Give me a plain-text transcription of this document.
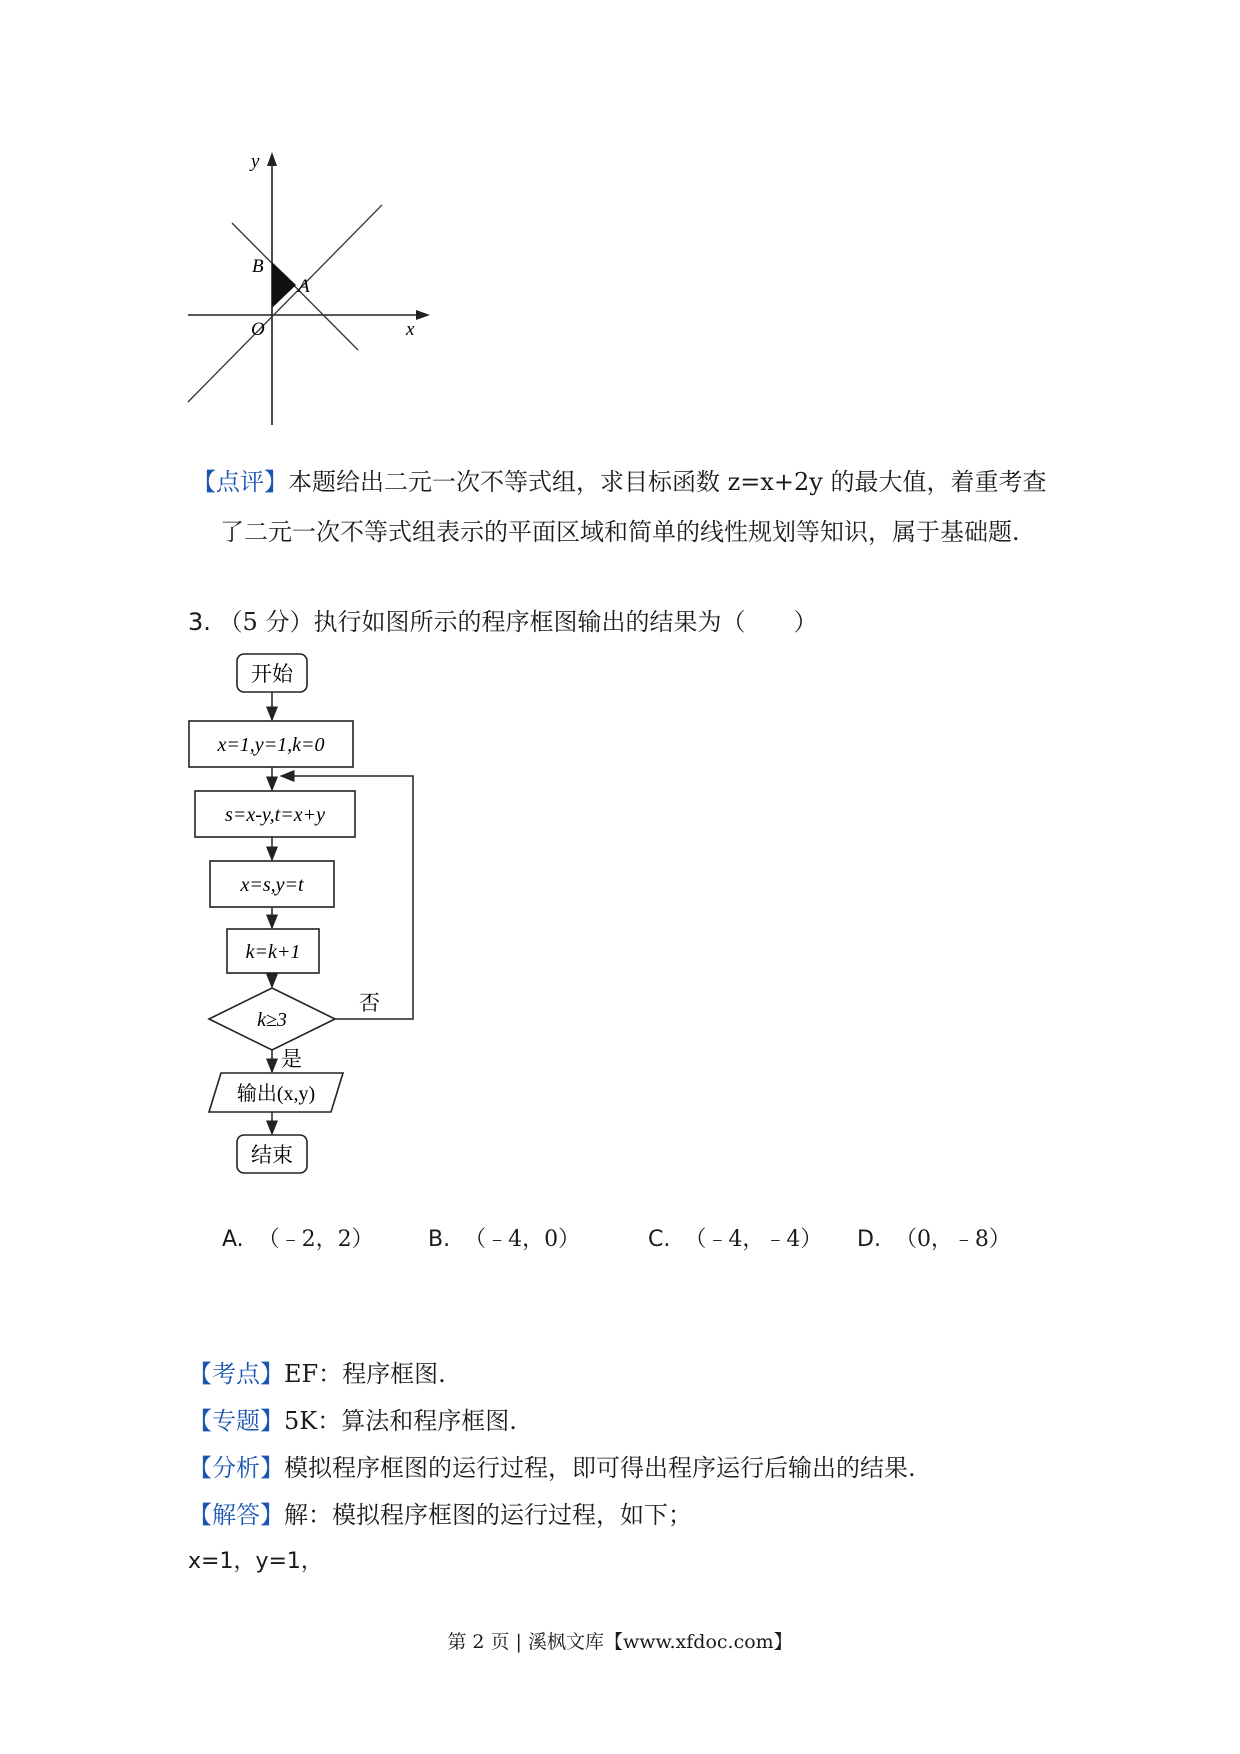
y
x
O
B
A
【点评】本题给出二元一次不等式组，求目标函数 z=x+2y 的最大值，着重考查
了二元一次不等式组表示的平面区域和简单的线性规划等知识，属于基础题.
3. （5 分）执行如图所示的程序框图输出的结果为（　　）
开始
x=1,y=1,k=0
s=x-y,t=x+y
x=s,y=t
k=k+1
k≥3
否
是
输出(x,y)
结束
A. （﹣2，2） B. （﹣4，0）	C. （﹣4，﹣4） D. （0，﹣8）
【考点】EF：程序框图.
【专题】5K：算法和程序框图.
【分析】模拟程序框图的运行过程，即可得出程序运行后输出的结果.
【解答】解：模拟程序框图的运行过程，如下；
x=1，y=1，
第 2 页 | 溪枫文库【www.xfdoc.com】
